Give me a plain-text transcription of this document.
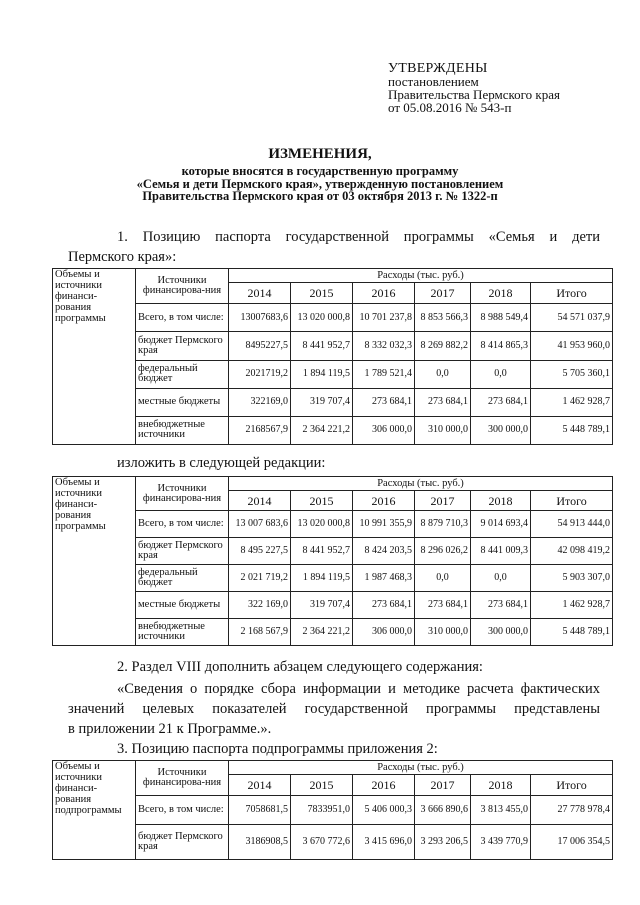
УТВЕРЖДЕНЫ
постановлением
Правительства Пермского края
от 05.08.2016 № 543-п
ИЗМЕНЕНИЯ,
которые вносятся в государственную программу
«Семья и дети Пермского края», утвержденную постановлением
Правительства Пермского края от 03 октября 2013 г. № 1322-п
1. Позицию паспорта государственной программы «Семья и дети
Пермского края»:
Объемы и источники финанси-рования программы	Источники финансирова-ния	Расходы (тыс. руб.)					
		2014	2015	2016	2017	2018	Итого
	Всего, в том числе:	13007683,6	13 020 000,8	10 701 237,8	8 853 566,3	8 988 549,4	54 571 037,9
	бюджет Пермского края	8495227,5	8 441 952,7	8 332 032,3	8 269 882,2	8 414 865,3	41 953 960,0
	федеральный бюджет	2021719,2	1 894 119,5	1 789 521,4	0,0	0,0	5 705 360,1
	местные бюджеты	322169,0	319 707,4	273 684,1	273 684,1	273 684,1	1 462 928,7
	внебюджетные источники	2168567,9	2 364 221,2	306 000,0	310 000,0	300 000,0	5 448 789,1
изложить в следующей редакции:
Объемы и источники финанси-рования программы	Источники финансирова-ния	Расходы (тыс. руб.)					
		2014	2015	2016	2017	2018	Итого
	Всего, в том числе:	13 007 683,6	13 020 000,8	10 991 355,9	8 879 710,3	9 014 693,4	54 913 444,0
	бюджет Пермского края	8 495 227,5	8 441 952,7	8 424 203,5	8 296 026,2	8 441 009,3	42 098 419,2
	федеральный бюджет	2 021 719,2	1 894 119,5	1 987 468,3	0,0	0,0	5 903 307,0
	местные бюджеты	322 169,0	319 707,4	273 684,1	273 684,1	273 684,1	1 462 928,7
	внебюджетные источники	2 168 567,9	2 364 221,2	306 000,0	310 000,0	300 000,0	5 448 789,1
2. Раздел VIII дополнить абзацем следующего содержания:
«Сведения о порядке сбора информации и методике расчета фактических
значений целевых показателей государственной программы представлены
в приложении 21 к Программе.».
3. Позицию паспорта подпрограммы приложения 2:
Объемы и источники финанси-рования подпрограммы	Источники финансирова-ния	Расходы (тыс. руб.)					
		2014	2015	2016	2017	2018	Итого
	Всего, в том числе:	7058681,5	7833951,0	5 406 000,3	3 666 890,6	3 813 455,0	27 778 978,4
	бюджет Пермского края	3186908,5	3 670 772,6	3 415 696,0	3 293 206,5	3 439 770,9	17 006 354,5
